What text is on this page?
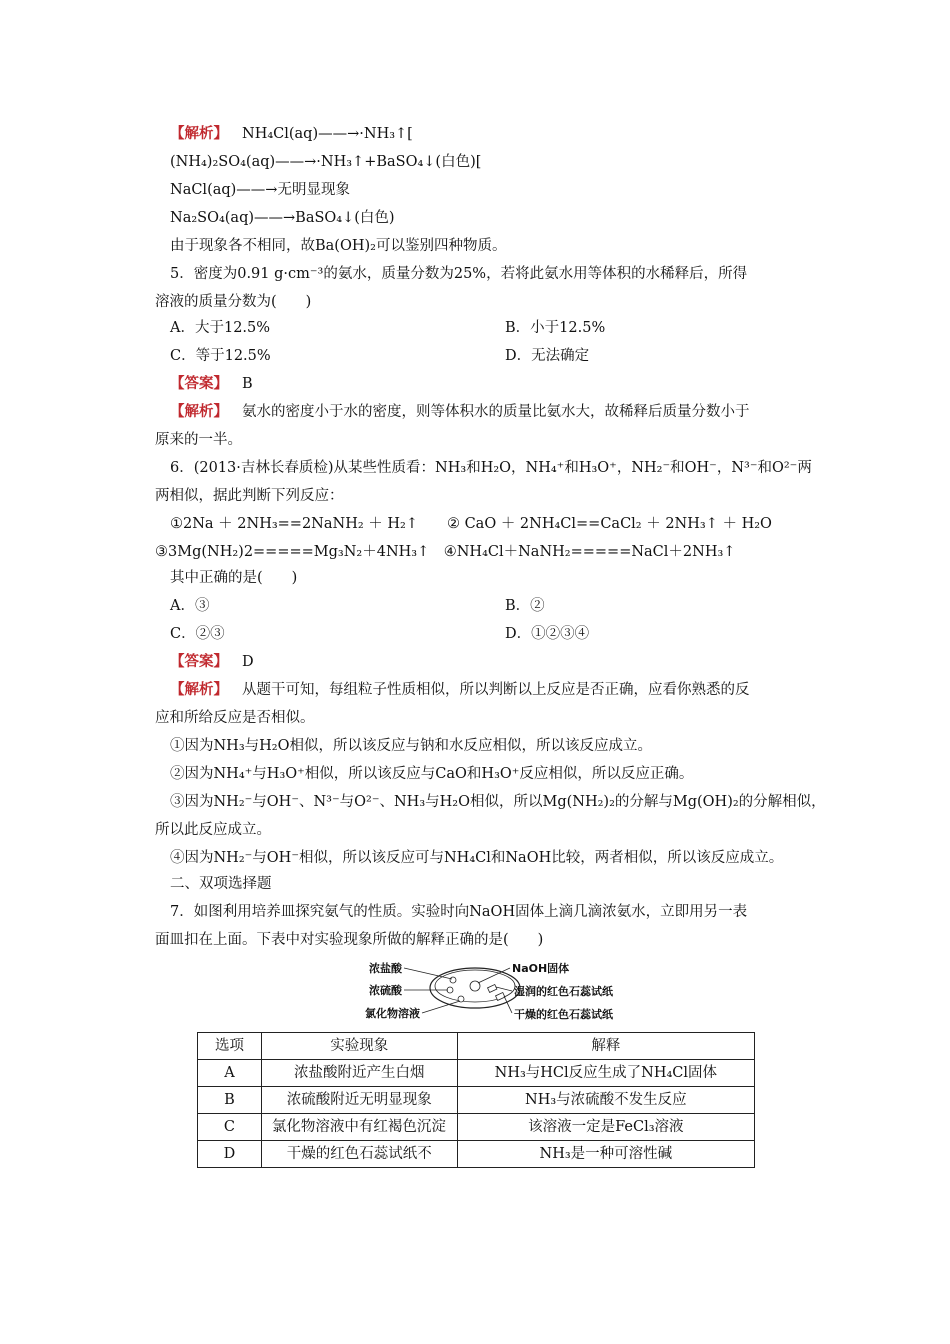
【解析】 NH₄Cl(aq)——→·NH₃↑[
(NH₄)₂SO₄(aq)——→·NH₃↑+BaSO₄↓(白色)[
NaCl(aq)——→无明显现象
Na₂SO₄(aq)——→BaSO₄↓(白色)
由于现象各不相同，故Ba(OH)₂可以鉴别四种物质。
5．密度为0.91 g·cm⁻³的氨水，质量分数为25%，若将此氨水用等体积的水稀释后，所得
溶液的质量分数为(　　)
A．大于12.5%	B．小于12.5%
C．等于12.5%	D．无法确定
【答案】 B
【解析】 氨水的密度小于水的密度，则等体积水的质量比氨水大，故稀释后质量分数小于
原来的一半。
6．(2013·吉林长春质检)从某些性质看：NH₃和H₂O，NH₄⁺和H₃O⁺，NH₂⁻和OH⁻，N³⁻和O²⁻两
两相似，据此判断下列反应：
①2Na ＋ 2NH₃==2NaNH₂ ＋ H₂↑　　② CaO ＋ 2NH₄Cl==CaCl₂ ＋ 2NH₃↑ ＋ H₂O
③3Mg(NH₂)2=====Mg₃N₂＋4NH₃↑　④NH₄Cl＋NaNH₂=====NaCl＋2NH₃↑
其中正确的是(　　)
A．③	B．②
C．②③	D．①②③④
【答案】 D
【解析】 从题干可知，每组粒子性质相似，所以判断以上反应是否正确，应看你熟悉的反
应和所给反应是否相似。
①因为NH₃与H₂O相似，所以该反应与钠和水反应相似，所以该反应成立。
②因为NH₄⁺与H₃O⁺相似，所以该反应与CaO和H₃O⁺反应相似，所以反应正确。
③因为NH₂⁻与OH⁻、N³⁻与O²⁻、NH₃与H₂O相似，所以Mg(NH₂)₂的分解与Mg(OH)₂的分解相似，
所以此反应成立。
④因为NH₂⁻与OH⁻相似，所以该反应可与NH₄Cl和NaOH比较，两者相似，所以该反应成立。
二、双项选择题
7．如图利用培养皿探究氨气的性质。实验时向NaOH固体上滴几滴浓氨水，立即用另一表
面皿扣在上面。下表中对实验现象所做的解释正确的是(　　)
浓盐酸
浓硫酸
氯化物溶液
NaOH固体
湿润的红色石蕊试纸
干燥的红色石蕊试纸
选项	实验现象	解释
A	浓盐酸附近产生白烟	NH₃与HCl反应生成了NH₄Cl固体
B	浓硫酸附近无明显现象	NH₃与浓硫酸不发生反应
C	氯化物溶液中有红褐色沉淀	该溶液一定是FeCl₃溶液
D	干燥的红色石蕊试纸不	NH₃是一种可溶性碱
